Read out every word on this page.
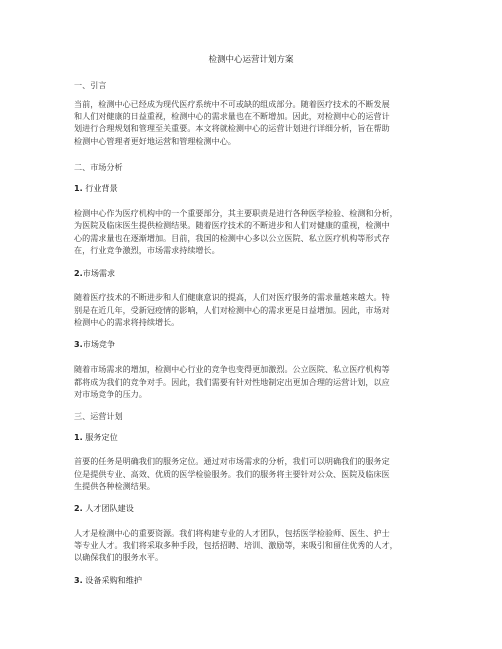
检测中心运营计划方案
一、引言
当前，检测中心已经成为现代医疗系统中不可或缺的组成部分。随着医疗技术的不断发展
和人们对健康的日益重视，检测中心的需求量也在不断增加。因此，对检测中心的运营计
划进行合理规划和管理至关重要。本文将就检测中心的运营计划进行详细分析，旨在帮助
检测中心管理者更好地运营和管理检测中心。
二、市场分析
1. 行业背景
检测中心作为医疗机构中的一个重要部分，其主要职责是进行各种医学检验、检测和分析，
为医院及临床医生提供检测结果。随着医疗技术的不断进步和人们对健康的重视，检测中
心的需求量也在逐渐增加。目前，我国的检测中心多以公立医院、私立医疗机构等形式存
在，行业竞争激烈，市场需求持续增长。
2.市场需求
随着医疗技术的不断进步和人们健康意识的提高，人们对医疗服务的需求量越来越大。特
别是在近几年，受新冠疫情的影响，人们对检测中心的需求更是日益增加。因此，市场对
检测中心的需求将持续增长。
3.市场竞争
随着市场需求的增加，检测中心行业的竞争也变得更加激烈。公立医院、私立医疗机构等
都将成为我们的竞争对手。因此，我们需要有针对性地制定出更加合理的运营计划，以应
对市场竞争的压力。
三、运营计划
1. 服务定位
首要的任务是明确我们的服务定位。通过对市场需求的分析，我们可以明确我们的服务定
位是提供专业、高效、优质的医学检验服务。我们的服务将主要针对公众、医院及临床医
生提供各种检测结果。
2. 人才团队建设
人才是检测中心的重要资源。我们将构建专业的人才团队，包括医学检验师、医生、护士
等专业人才。我们将采取多种手段，包括招聘、培训、激励等，来吸引和留住优秀的人才，
以确保我们的服务水平。
3. 设备采购和维护
